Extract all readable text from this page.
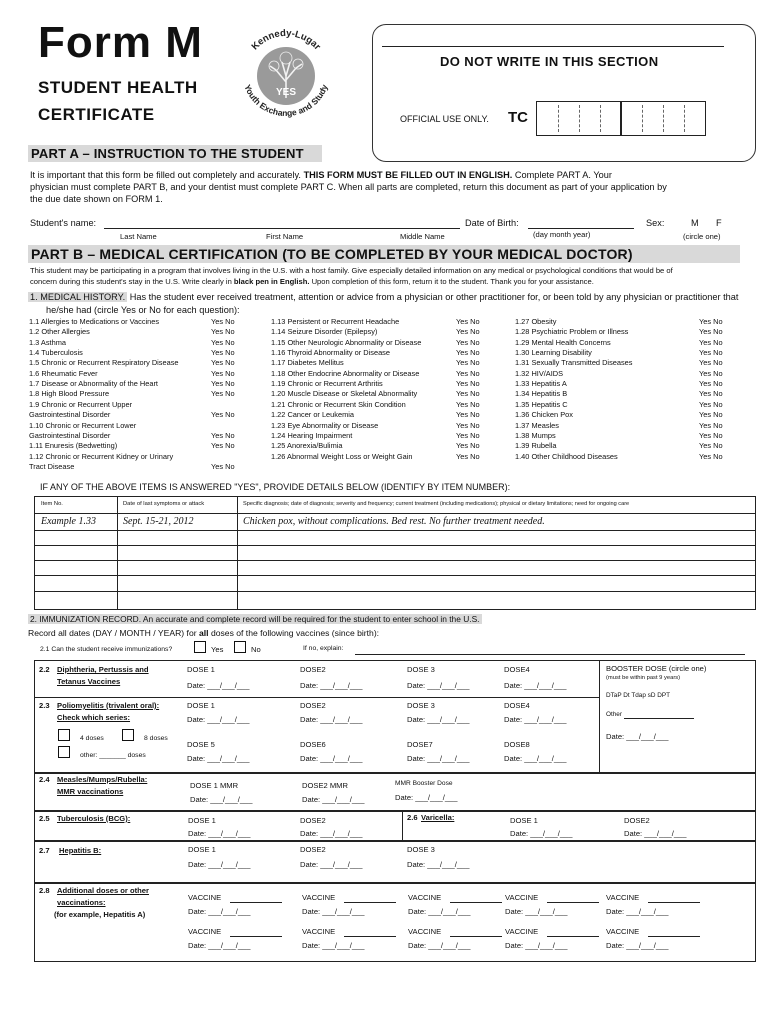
Form M
STUDENT HEALTH
CERTIFICATE
YES
Kennedy-Lugar
Youth Exchange and Study
DO NOT WRITE IN THIS SECTION
OFFICIAL USE ONLY. TC
PART A – INSTRUCTION TO THE STUDENT
It is important that this form be filled out completely and accurately. THIS FORM MUST BE FILLED OUT IN ENGLISH. Complete PART A. Your
physician must complete PART B, and your dentist must complete PART C. When all parts are completed, return this document as part of your application by
the due date shown on FORM 1.
Student's name:
Last Name	First Name	Middle Name
Date of Birth:
(day month year)
Sex:	M F
(circle one)
PART B – MEDICAL CERTIFICATION (TO BE COMPLETED BY YOUR MEDICAL DOCTOR)
This student may be participating in a program that involves living in the U.S. with a host family. Give especially detailed information on any medical or psychological conditions that would be of
concern during this student's stay in the U.S. Write clearly in black pen in English. Upon completion of this form, return it to the student. Thank you for your assistance.
1. MEDICAL HISTORY. Has the student ever received treatment, attention or advice from a physician or other practitioner for, or been told by any physician or practitioner that
he/she had (circle Yes or No for each question):
1.1 Allergies to Medications or Vaccines	Yes No
1.2 Other Allergies	Yes No
1.3 Asthma	Yes No
1.4 Tuberculosis	Yes No
1.5 Chronic or Recurrent Respiratory Disease	Yes No
1.6 Rheumatic Fever	Yes No
1.7 Disease or Abnormality of the Heart	Yes No
1.8 High Blood Pressure	Yes No
1.9 Chronic or Recurrent Upper
Gastrointestinal Disorder	Yes No
1.10 Chronic or Recurrent Lower
Gastrointestinal Disorder	Yes No
1.11 Enuresis (Bedwetting)	Yes No
1.12 Chronic or Recurrent Kidney or Urinary
Tract Disease	Yes No
1.13 Persistent or Recurrent Headache	Yes No
1.14 Seizure Disorder (Epilepsy)	Yes No
1.15 Other Neurologic Abnormality or Disease	Yes No
1.16 Thyroid Abnormality or Disease	Yes No
1.17 Diabetes Mellitus	Yes No
1.18 Other Endocrine Abnormality or Disease	Yes No
1.19 Chronic or Recurrent Arthritis	Yes No
1.20 Muscle Disease or Skeletal Abnormality	Yes No
1.21 Chronic or Recurrent Skin Condition	Yes No
1.22 Cancer or Leukemia	Yes No
1.23 Eye Abnormality or Disease	Yes No
1.24 Hearing Impairment	Yes No
1.25 Anorexia/Bulimia	Yes No
1.26 Abnormal Weight Loss or Weight Gain	Yes No
1.27 Obesity	Yes No
1.28 Psychiatric Problem or Illness	Yes No
1.29 Mental Health Concerns	Yes No
1.30 Learning Disability	Yes No
1.31 Sexually Transmitted Diseases	Yes No
1.32 HIV/AIDS	Yes No
1.33 Hepatitis A	Yes No
1.34 Hepatitis B	Yes No
1.35 Hepatitis C	Yes No
1.36 Chicken Pox	Yes No
1.37 Measles	Yes No
1.38 Mumps	Yes No
1.39 Rubella	Yes No
1.40 Other Childhood Diseases	Yes No
IF ANY OF THE ABOVE ITEMS IS ANSWERED "YES", PROVIDE DETAILS BELOW (IDENTIFY BY ITEM NUMBER):
Item No.	Date of last symptoms or attack	Specific diagnosis; date of diagnosis; severity and frequency; current treatment (including medications); physical or dietary limitations; need for ongoing care
Example 1.33	Sept. 15-21, 2012	Chicken pox, without complications. Bed rest. No further treatment needed.
2. IMMUNIZATION RECORD. An accurate and complete record will be required for the student to enter school in the U.S.
Record all dates (DAY / MONTH / YEAR) for all doses of the following vaccines (since birth):
2.1 Can the student receive immunizations?	Yes	No	If no, explain:
2.2 Diphtheria, Pertussis and
Tetanus Vaccines
DOSE 1
Date: ___/___/___
DOSE2
Date: ___/___/___
DOSE 3
Date: ___/___/___
DOSE4
Date: ___/___/___
BOOSTER DOSE (circle one)
(must be within past 9 years)
DTaP Dt Tdap sD DPT
Other
Date: ___/___/___
2.3 Poliomyelitis (trivalent oral):
Check which series:
4 doses	8 doses
other: _______ doses
DOSE 1
Date: ___/___/___
DOSE2
Date: ___/___/___
DOSE 3
Date: ___/___/___
DOSE4
Date: ___/___/___
DOSE 5
Date: ___/___/___
DOSE6
Date: ___/___/___
DOSE7
Date: ___/___/___
DOSE8
Date: ___/___/___
2.4 Measles/Mumps/Rubella:
MMR vaccinations
DOSE 1 MMR
Date: ___/___/___
DOSE2 MMR
Date: ___/___/___
MMR Booster Dose
Date: ___/___/___
2.5 Tuberculosis (BCG):	DOSE 1
Date: ___/___/___
DOSE2
Date: ___/___/___
2.6 Varicella:	DOSE 1
Date: ___/___/___
DOSE2
Date: ___/___/___
2.7 Hepatitis B:	DOSE 1
Date: ___/___/___
DOSE2
Date: ___/___/___
DOSE 3
Date: ___/___/___
2.8 Additional doses or other
vaccinations:
(for example, Hepatitis A)
VACCINE
Date: ___/___/___
VACCINE
Date: ___/___/___
VACCINE
Date: ___/___/___
VACCINE
Date: ___/___/___
VACCINE
Date: ___/___/___
VACCINE
Date: ___/___/___
VACCINE
Date: ___/___/___
VACCINE
Date: ___/___/___
VACCINE
Date: ___/___/___
VACCINE
Date: ___/___/___
